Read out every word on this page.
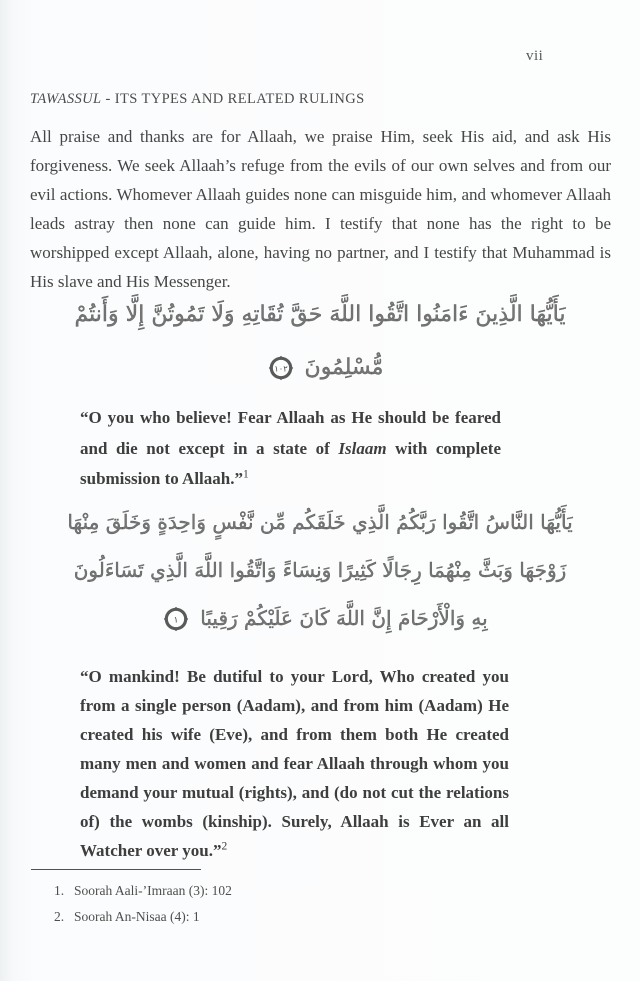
vii
TAWASSUL - ITS TYPES AND RELATED RULINGS

All praise and thanks are for Allaah, we praise Him, seek His aid, and ask His forgiveness. We seek Allaah’s refuge from the evils of our own selves and from our evil actions. Whomever Allaah guides none can misguide him, and whomever Allaah leads astray then none can guide him. I testify that none has the right to be worshipped except Allaah, alone, having no partner, and I testify that Muhammad is His slave and His Messenger.

يَأَيُّهَا الَّذِينَ ءَامَنُوا اتَّقُوا اللَّهَ حَقَّ تُقَاتِهِ وَلَا تَمُوتُنَّ إِلَّا وَأَنتُمْ
مُّسْلِمُونَ
١٠٢

“O you who believe! Fear Allaah as He should be feared and die not except in a state of Islaam with complete submission to Allaah.”$^1$

يَأَيُّهَا النَّاسُ اتَّقُوا رَبَّكُمُ الَّذِي خَلَقَكُم مِّن نَّفْسٍ وَاحِدَةٍ وَخَلَقَ مِنْهَا
زَوْجَهَا وَبَثَّ مِنْهُمَا رِجَالًا كَثِيرًا وَنِسَاءً وَاتَّقُوا اللَّهَ الَّذِي تَسَاءَلُونَ
بِهِ وَالْأَرْحَامَ إِنَّ اللَّهَ كَانَ عَلَيْكُمْ رَقِيبًا
١

“O mankind! Be dutiful to your Lord, Who created you from a single person (Aadam), and from him (Aadam) He created his wife (Eve), and from them both He created many men and women and fear Allaah through whom you demand your mutual (rights), and (do not cut the relations of) the wombs (kinship). Surely, Allaah is Ever an all Watcher over you.”$^2$

1. Soorah Aali-’Imraan (3): 102
2. Soorah An-Nisaa (4): 1
